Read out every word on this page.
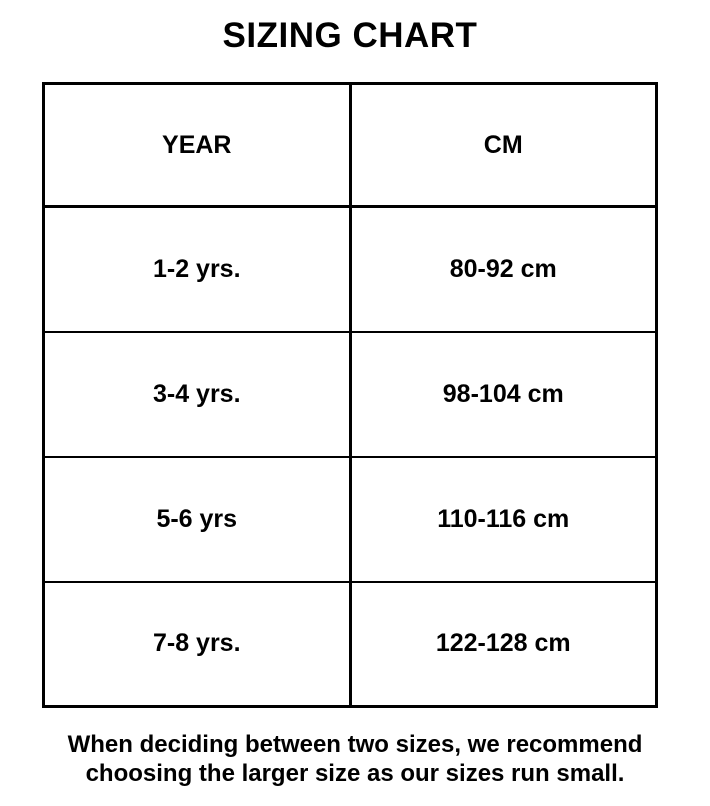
SIZING CHART
YEAR	CM
1-2 yrs.	80-92 cm
3-4 yrs.	98-104 cm
5-6 yrs	110-116 cm
7-8 yrs.	122-128 cm

When deciding between two sizes, we recommend choosing the larger size as our sizes run small.
